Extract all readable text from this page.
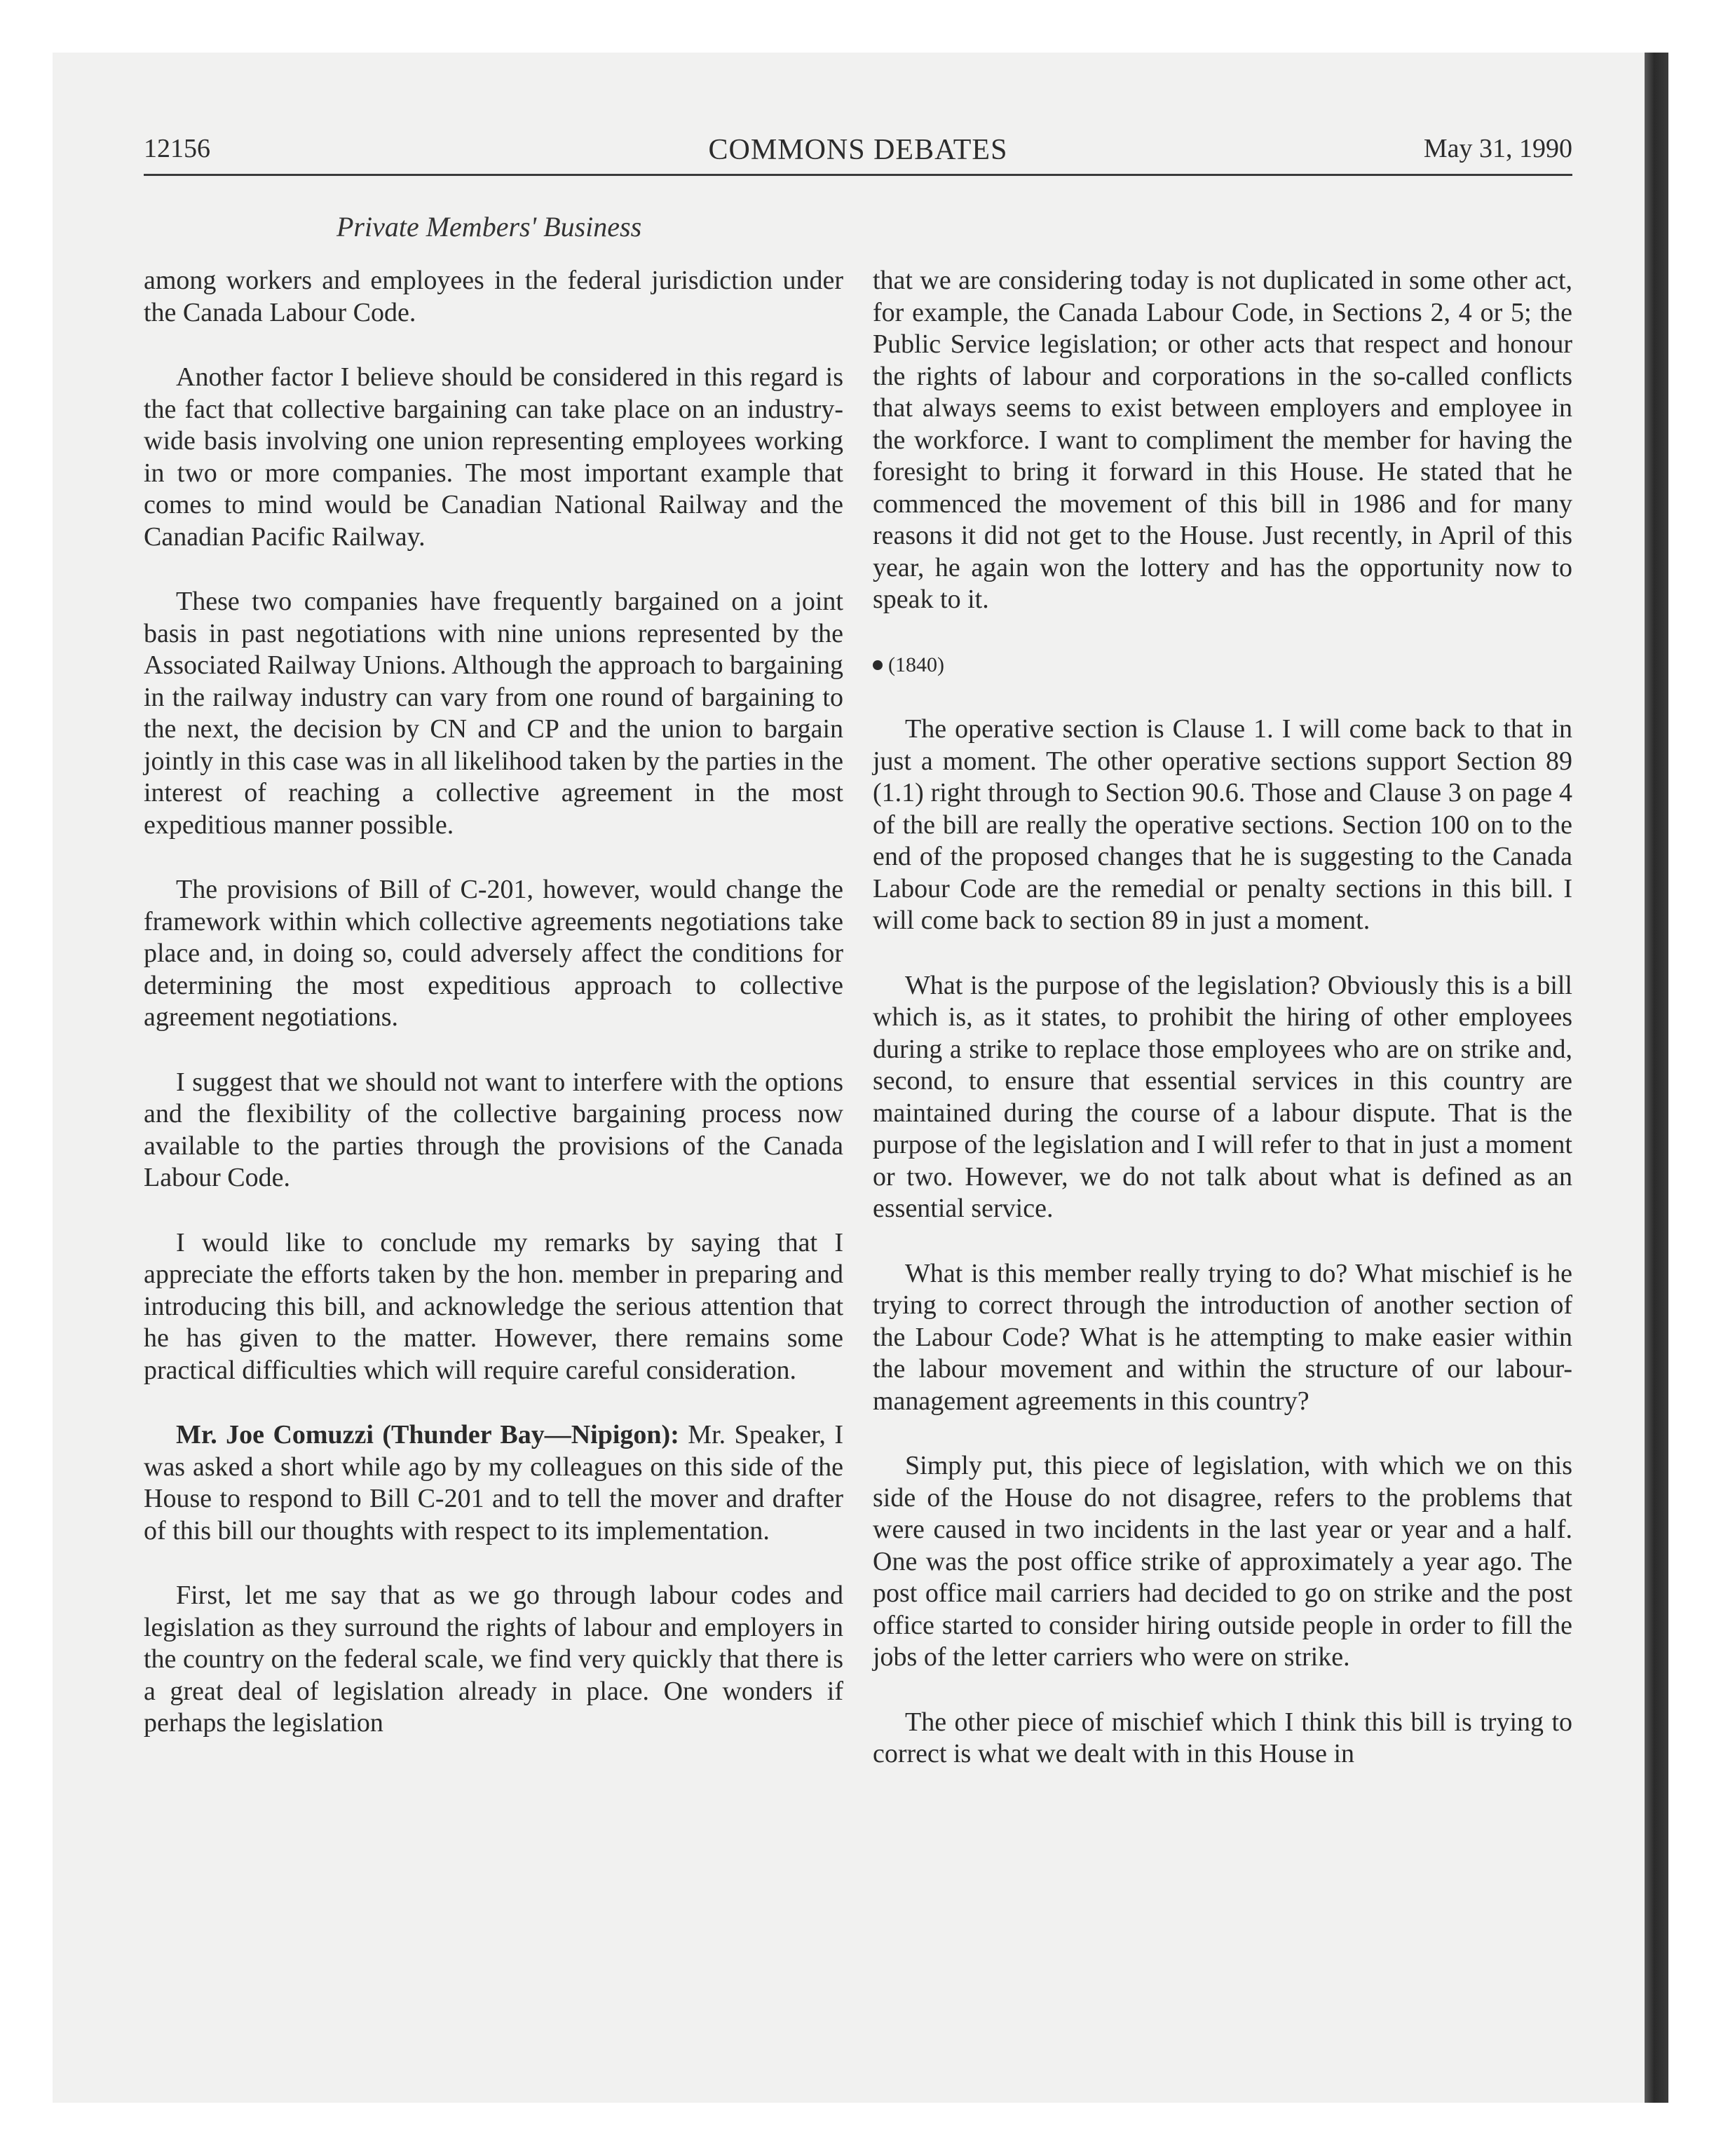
12156	COMMONS DEBATES	May 31, 1990
Private Members' Business

among workers and employees in the federal jurisdiction under the Canada Labour Code.

Another factor I believe should be considered in this regard is the fact that collective bargaining can take place on an industry-wide basis involving one union representing employees working in two or more companies. The most important example that comes to mind would be Canadian National Railway and the Canadian Pacific Railway.

These two companies have frequently bargained on a joint basis in past negotiations with nine unions represented by the Associated Railway Unions. Although the approach to bargaining in the railway industry can vary from one round of bargaining to the next, the decision by CN and CP and the union to bargain jointly in this case was in all likelihood taken by the parties in the interest of reaching a collective agreement in the most expeditious manner possible.

The provisions of Bill of C-201, however, would change the framework within which collective agreements negotiations take place and, in doing so, could adversely affect the conditions for determining the most expeditious approach to collective agreement negotiations.

I suggest that we should not want to interfere with the options and the flexibility of the collective bargaining process now available to the parties through the provisions of the Canada Labour Code.

I would like to conclude my remarks by saying that I appreciate the efforts taken by the hon. member in preparing and introducing this bill, and acknowledge the serious attention that he has given to the matter. However, there remains some practical difficulties which will require careful consideration.

Mr. Joe Comuzzi (Thunder Bay—Nipigon): Mr. Speaker, I was asked a short while ago by my colleagues on this side of the House to respond to Bill C-201 and to tell the mover and drafter of this bill our thoughts with respect to its implementation.

First, let me say that as we go through labour codes and legislation as they surround the rights of labour and employers in the country on the federal scale, we find very quickly that there is a great deal of legislation already in place. One wonders if perhaps the legislation

that we are considering today is not duplicated in some other act, for example, the Canada Labour Code, in Sections 2, 4 or 5; the Public Service legislation; or other acts that respect and honour the rights of labour and corporations in the so-called conflicts that always seems to exist between employers and employee in the workforce. I want to compliment the member for having the foresight to bring it forward in this House. He stated that he commenced the movement of this bill in 1986 and for many reasons it did not get to the House. Just recently, in April of this year, he again won the lottery and has the opportunity now to speak to it.

(1840)

The operative section is Clause 1. I will come back to that in just a moment. The other operative sections support Section 89 (1.1) right through to Section 90.6. Those and Clause 3 on page 4 of the bill are really the operative sections. Section 100 on to the end of the proposed changes that he is suggesting to the Canada Labour Code are the remedial or penalty sections in this bill. I will come back to section 89 in just a moment.

What is the purpose of the legislation? Obviously this is a bill which is, as it states, to prohibit the hiring of other employees during a strike to replace those employees who are on strike and, second, to ensure that essential services in this country are maintained during the course of a labour dispute. That is the purpose of the legislation and I will refer to that in just a moment or two. However, we do not talk about what is defined as an essential service.

What is this member really trying to do? What mischief is he trying to correct through the introduction of another section of the Labour Code? What is he attempting to make easier within the labour movement and within the structure of our labour-management agreements in this country?

Simply put, this piece of legislation, with which we on this side of the House do not disagree, refers to the problems that were caused in two incidents in the last year or year and a half. One was the post office strike of approximately a year ago. The post office mail carriers had decided to go on strike and the post office started to consider hiring outside people in order to fill the jobs of the letter carriers who were on strike.

The other piece of mischief which I think this bill is trying to correct is what we dealt with in this House in
